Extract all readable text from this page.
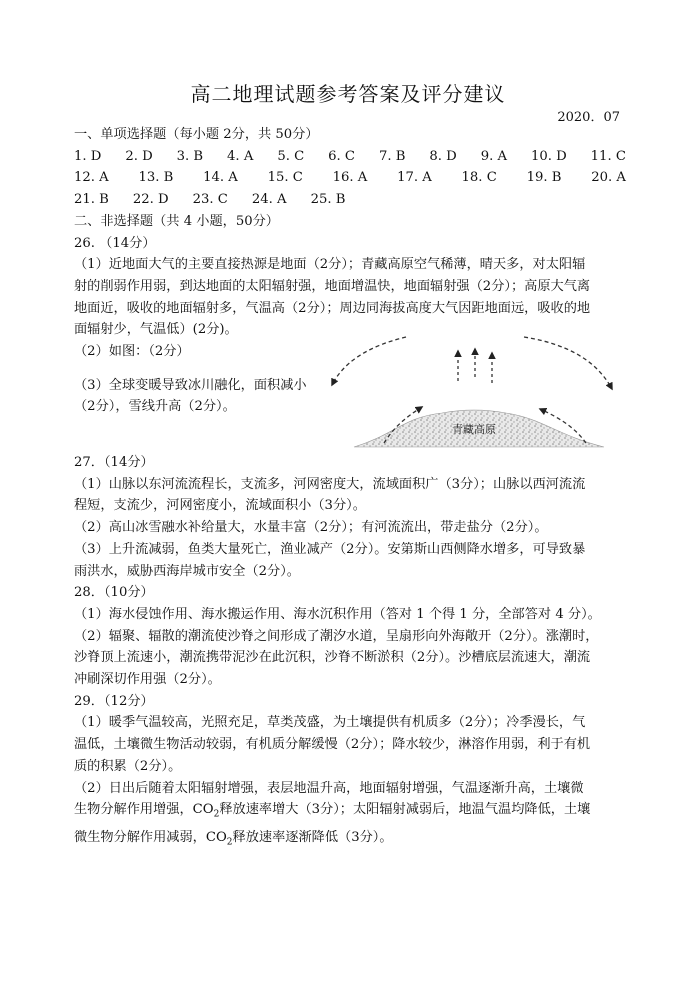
高二地理试题参考答案及评分建议
2020．07
一、单项选择题（每小题 2分，共 50分）
1. D 2. D 3. B 4. A 5. C 6. C 7. B 8. D 9. A 10. D 11. C
12. A 13. B 14. A 15. C 16. A 17. A 18. C 19. B 20. A
21. B 22. D 23. C 24. A 25. B
二、非选择题（共 4 小题，50分）
26. （14分）
（1）近地面大气的主要直接热源是地面（2分）；青藏高原空气稀薄，晴天多，对太阳辐
射的削弱作用弱，到达地面的太阳辐射强，地面增温快，地面辐射强（2分）；高原大气离
地面近，吸收的地面辐射多，气温高（2分）；周边同海拔高度大气因距地面远，吸收的地
面辐射少，气温低）(2分)。
（2）如图：（2分）
（3）全球变暖导致冰川融化，面积减小
（2分），雪线升高（2分）。
青藏高原
27．（14分）
（1）山脉以东河流流程长，支流多，河网密度大，流域面积广（3分）；山脉以西河流流
程短，支流少，河网密度小，流域面积小（3分）。
（2）高山冰雪融水补给量大，水量丰富（2分）；有河流流出，带走盐分（2分）。
（3）上升流减弱，鱼类大量死亡，渔业减产（2分）。安第斯山西侧降水增多，可导致暴
雨洪水，威胁西海岸城市安全（2分）。
28．（10分）
（1）海水侵蚀作用、海水搬运作用、海水沉积作用（答对 1 个得 1 分，全部答对 4 分）。
（2）辐聚、辐散的潮流使沙脊之间形成了潮汐水道，呈扇形向外海敞开（2分）。涨潮时，
沙脊顶上流速小，潮流携带泥沙在此沉积，沙脊不断淤积（2分）。沙槽底层流速大，潮流
冲刷深切作用强（2分）。
29．（12分）
（1）暖季气温较高，光照充足，草类茂盛，为土壤提供有机质多（2分）；冷季漫长，气
温低，土壤微生物活动较弱，有机质分解缓慢（2分）；降水较少，淋溶作用弱，利于有机
质的积累（2分）。
（2）日出后随着太阳辐射增强，表层地温升高，地面辐射增强，气温逐渐升高，土壤微
生物分解作用增强，$CO_2$释放速率增大（3分）；太阳辐射减弱后，地温气温均降低，土壤
微生物分解作用减弱，$CO_2$释放速率逐渐降低（3分）。
